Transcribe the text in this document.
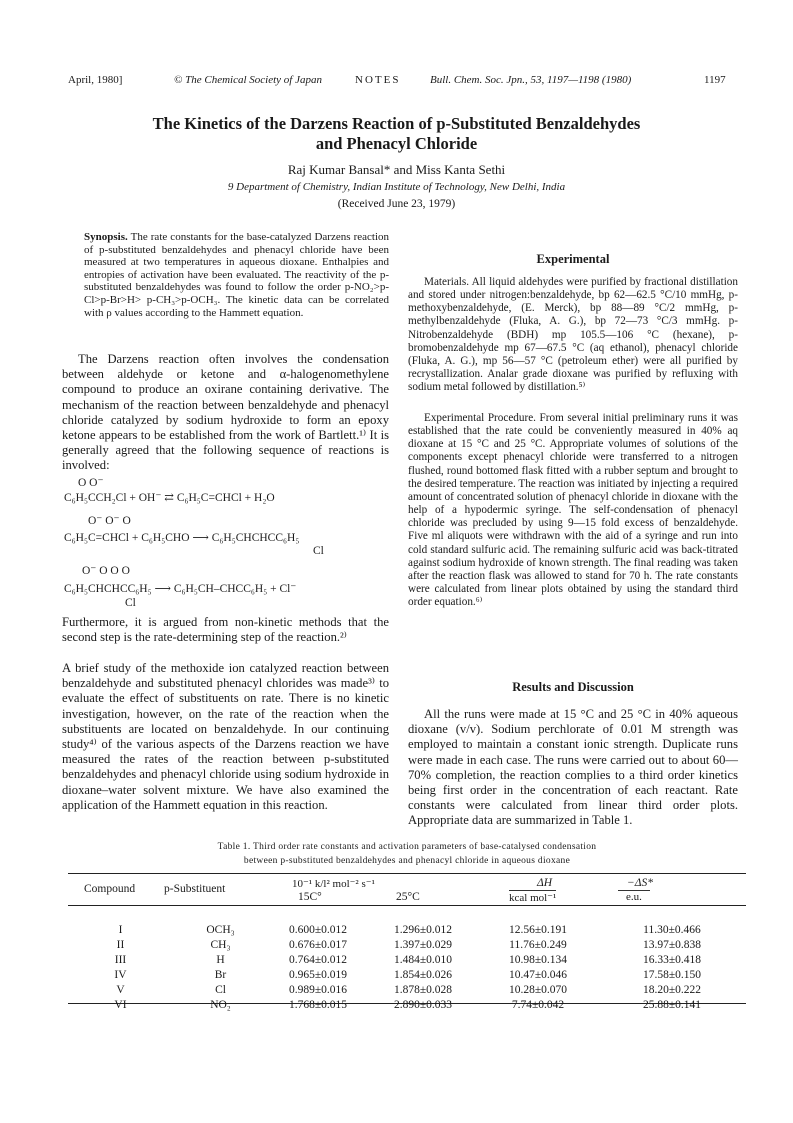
April, 1980]	© The Chemical Society of Japan	NOTES	Bull. Chem. Soc. Jpn., 53, 1197—1198 (1980)	1197
The Kinetics of the Darzens Reaction of p-Substituted Benzaldehydes
and Phenacyl Chloride
Raj Kumar Bansal* and Miss Kanta Sethi
9 Department of Chemistry, Indian Institute of Technology, New Delhi, India
(Received June 23, 1979)
Synopsis. The rate constants for the base-catalyzed Darzens reaction of p-substituted benzaldehydes and phenacyl chloride have been measured at two temperatures in aqueous dioxane. Enthalpies and entropies of activation have been evaluated. The reactivity of the p-substituted benzaldehydes was found to follow the order p-NO₂>p-Cl>p-Br>H> p-CH₃>p-OCH₃. The kinetic data can be correlated with ρ values according to the Hammett equation.

The Darzens reaction often involves the condensation between aldehyde or ketone and α-halogenomethylene compound to produce an oxirane containing derivative. The mechanism of the reaction between benzaldehyde and phenacyl chloride catalyzed by sodium hydroxide to form an epoxy ketone appears to be established from the work of Bartlett.¹⁾ It is generally agreed that the following sequence of reactions is involved:

O O⁻
C₆H₅CCH₂Cl + OH⁻ ⇄ C₆H₅C=CHCl + H₂O
O⁻ O⁻ O
C₆H₅C=CHCl + C₆H₅CHO ⟶ C₆H₅CHCHCC₆H₅
Cl
O⁻ O O O
C₆H₅CHCHCC₆H₅ ⟶ C₆H₅CH–CHCC₆H₅ + Cl⁻
Cl

Furthermore, it is argued from non-kinetic methods that the second step is the rate-determining step of the reaction.²⁾

A brief study of the methoxide ion catalyzed reaction between benzaldehyde and substituted phenacyl chlorides was made³⁾ to evaluate the effect of substituents on rate. There is no kinetic investigation, however, on the rate of the reaction when the substituents are located on benzaldehyde. In our continuing study⁴⁾ of the various aspects of the Darzens reaction we have measured the rates of the reaction between p-substituted benzaldehydes and phenacyl chloride using sodium hydroxide in dioxane–water solvent mixture. We have also examined the application of the Hammett equation in this reaction.

Experimental

Materials. All liquid aldehydes were purified by fractional distillation and stored under nitrogen:benzaldehyde, bp 62—62.5 °C/10 mmHg, p-methoxybenzaldehyde, (E. Merck), bp 88—89 °C/2 mmHg, p-methylbenzaldehyde (Fluka, A. G.), bp 72—73 °C/3 mmHg. p-Nitrobenzaldehyde (BDH) mp 105.5—106 °C (hexane), p-bromobenzaldehyde mp 67—67.5 °C (aq ethanol), phenacyl chloride (Fluka, A. G.), mp 56—57 °C (petroleum ether) were all purified by recrystallization. Analar grade dioxane was purified by refluxing with sodium metal followed by distillation.⁵⁾

Experimental Procedure. From several initial preliminary runs it was established that the rate could be conveniently measured in 40% aq dioxane at 15 °C and 25 °C. Appropriate volumes of solutions of the components except phenacyl chloride were transferred to a nitrogen flushed, round bottomed flask fitted with a rubber septum and brought to the desired temperature. The reaction was initiated by injecting a required amount of concentrated solution of phenacyl chloride in dioxane with the help of a hypodermic syringe. The self-condensation of phenacyl chloride was precluded by using 9—15 fold excess of benzaldehyde. Five ml aliquots were withdrawn with the aid of a syringe and run into cold standard sulfuric acid. The remaining sulfuric acid was back-titrated against sodium hydroxide of known strength. The final reading was taken after the reaction flask was allowed to stand for 70 h. The rate constants were calculated from linear plots obtained by using the standard third order equation.⁶⁾

Results and Discussion

All the runs were made at 15 °C and 25 °C in 40% aqueous dioxane (v/v). Sodium perchlorate of 0.01 M strength was employed to maintain a constant ionic strength. Duplicate runs were made in each case. The runs were carried out to about 60—70% completion, the reaction complies to a third order kinetics being first order in the concentration of each reactant. Rate constants were calculated from linear third order plots. Appropriate data are summarized in Table 1.

Table 1. Third order rate constants and activation parameters of base-catalysed condensation
between p-substituted benzaldehydes and phenacyl chloride in aqueous dioxane
Compound	p-Substituent	10⁻¹ k/l² mol⁻² s⁻¹
15C°	25°C
ΔH
kcal mol⁻¹
−ΔS*
e.u.
I	OCH₃	0.600±0.012	1.296±0.012	12.56±0.191	11.30±0.466
II	CH₃	0.676±0.017	1.397±0.029	11.76±0.249	13.97±0.838
III	H	0.764±0.012	1.484±0.010	10.98±0.134	16.33±0.418
IV	Br	0.965±0.019	1.854±0.026	10.47±0.046	17.58±0.150
V	Cl	0.989±0.016	1.878±0.028	10.28±0.070	18.20±0.222
VI	NO₂	1.768±0.015	2.890±0.033	7.74±0.042	25.88±0.141
